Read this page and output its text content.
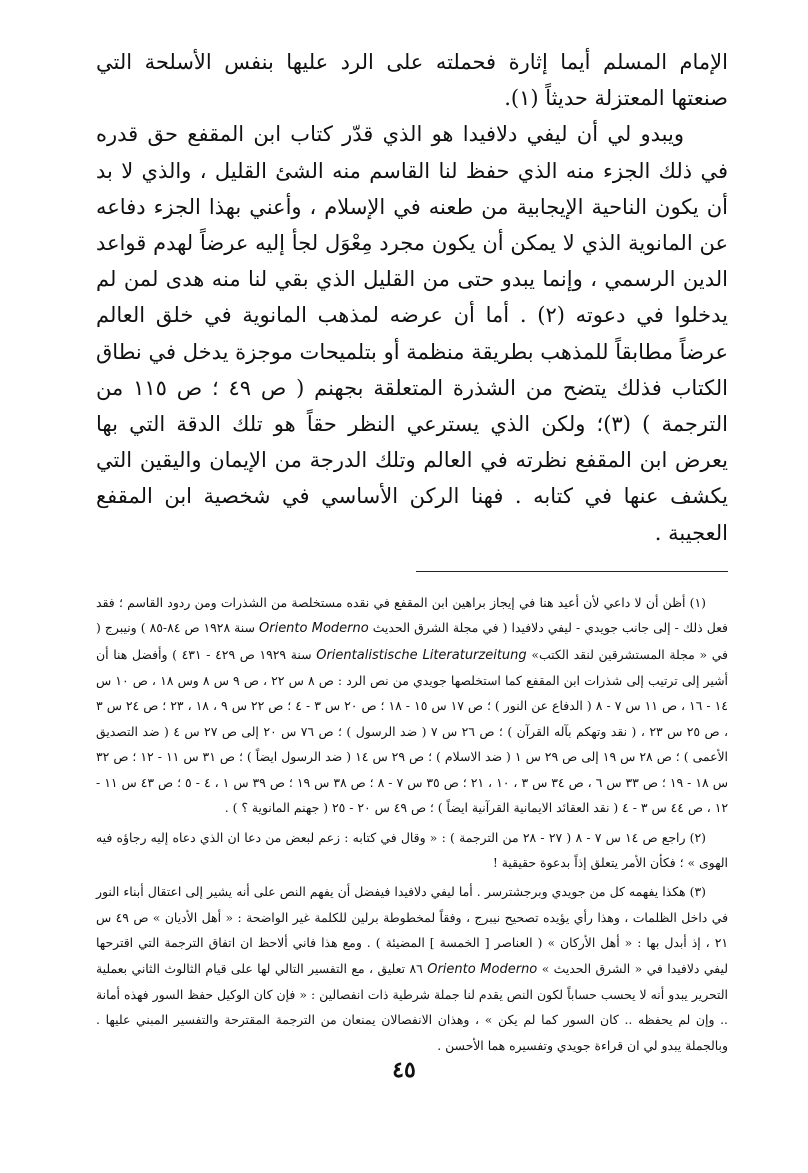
الإمام المسلم أيما إثارة فحملته على الرد عليها بنفس الأسلحة التي صنعتها المعتزلة حديثاً (١).

ويبدو لي أن ليفي دلافيدا هو الذي قدّر كتاب ابن المقفع حق قدره في ذلك الجزء منه الذي حفظ لنا القاسم منه الشئ القليل ، والذي لا بد أن يكون الناحية الإيجابية من طعنه في الإسلام ، وأعني بهذا الجزء دفاعه عن المانوية الذي لا يمكن أن يكون مجرد مِعْوَل لجأ إليه عرضاً لهدم قواعد الدين الرسمي ، وإنما يبدو حتى من القليل الذي بقي لنا منه هدى لمن لم يدخلوا في دعوته (٢) . أما أن عرضه لمذهب المانوية في خلق العالم عرضاً مطابقاً للمذهب بطريقة منظمة أو بتلميحات موجزة يدخل في نطاق الكتاب فذلك يتضح من الشذرة المتعلقة بجهنم ( ص ٤٩ ؛ ص ١١٥ من الترجمة ) (٣)؛ ولكن الذي يسترعي النظر حقاً هو تلك الدقة التي بها يعرض ابن المقفع نظرته في العالم وتلك الدرجة من الإيمان واليقين التي يكشف عنها في كتابه . فهنا الركن الأساسي في شخصية ابن المقفع العجيبة .

(١) أظن أن لا داعي لأن أعيد هنا في إيجاز براهين ابن المقفع في نقده مستخلصة من الشذرات ومن ردود القاسم ؛ فقد فعل ذلك - إلى جانب جويدي - ليفي دلافيدا ( في مجلة الشرق الحديث Oriento Moderno سنة ١٩٢٨ ص ٨٤-٨٥ ) ونيبرج ( في « مجلة المستشرقين لنقد الكتب» Orientalistische Literaturzeitung سنة ١٩٢٩ ص ٤٢٩ - ٤٣١ ) وأفضل هنا أن أشير إلى ترتيب إلى شذرات ابن المقفع كما استخلصها جويدي من نص الرد : ص ٨ س ٢٢ ، ص ٩ س ٨ وس ١٨ ، ص ١٠ س ١٤ - ١٦ ، ص ١١ س ٧ - ٨ ( الدفاع عن النور ) ؛ ص ١٧ س ١٥ - ١٨ ؛ ص ٢٠ س ٣ - ٤ ؛ ص ٢٢ س ٩ ، ١٨ ، ٢٣ ؛ ص ٢٤ س ٣ ، ص ٢٥ س ٢٣ ، ( نقد وتهكم بآله القرآن ) ؛ ص ٢٦ س ٧ ( ضد الرسول ) ؛ ص ٧٦ س ٢٠ إلى ص ٢٧ س ٤ ( ضد التصديق الأعمى ) ؛ ص ٢٨ س ١٩ إلى ص ٢٩ س ١ ( ضد الاسلام ) ؛ ص ٢٩ س ١٤ ( ضد الرسول ايضاً ) ؛ ص ٣١ س ١١ - ١٢ ؛ ص ٣٢ س ١٨ - ١٩ ؛ ص ٣٣ س ٦ ، ص ٣٤ س ٣ ، ١٠ ، ٢١ ؛ ص ٣٥ س ٧ - ٨ ؛ ص ٣٨ س ١٩ ؛ ص ٣٩ س ١ ، ٤ - ٥ ؛ ص ٤٣ س ١١ - ١٢ ، ص ٤٤ س ٣ - ٤ ( نقد العقائد الايمانية القرآنية ايضاً ) ؛ ص ٤٩ س ٢٠ - ٢٥ ( جهنم المانوية ؟ ) .

(٢) راجع ص ١٤ س ٧ - ٨ ( ٢٧ - ٢٨ من الترجمة ) : « وقال في كتابه : زعم لبعض من دعا ان الذي دعاه إليه رجاؤه فيه الهوى » ؛ فكأن الأمر يتعلق إذاً بدعوة حقيقية !

(٣) هكذا يفهمه كل من جويدي وبرجشترسر . أما ليفي دلافيدا فيفضل أن يفهم النص على أنه يشير إلى اعتقال أبناء النور في داخل الظلمات ، وهذا رأي يؤيده تصحيح نيبرج ، وفقاً لمخطوطة برلين للكلمة غير الواضحة : « أهل الأديان » ص ٤٩ س ٢١ ، إذ أبدل بها : « أهل الأركان » ( العناصر [ الخمسة ] المضيئة ) . ومع هذا فاني ألاحظ ان اتفاق الترجمة التي اقترحها ليفي دلافيدا في « الشرق الحديث » Oriento Moderno ٨٦ تعليق ، مع التفسير التالي لها على قيام الثالوث الثاني بعملية التحرير يبدو أنه لا يحسب حساباً لكون النص يقدم لنا جملة شرطية ذات انفصالين : « فإن كان الوكيل حفظ السور فهذه أمانة .. وإن لم يحفظه .. كان السور كما لم يكن » ، وهذان الانفصالان يمنعان من الترجمة المقترحة والتفسير المبني عليها . وبالجملة يبدو لي ان قراءة جويدي وتفسيره هما الأحسن .

٤٥
